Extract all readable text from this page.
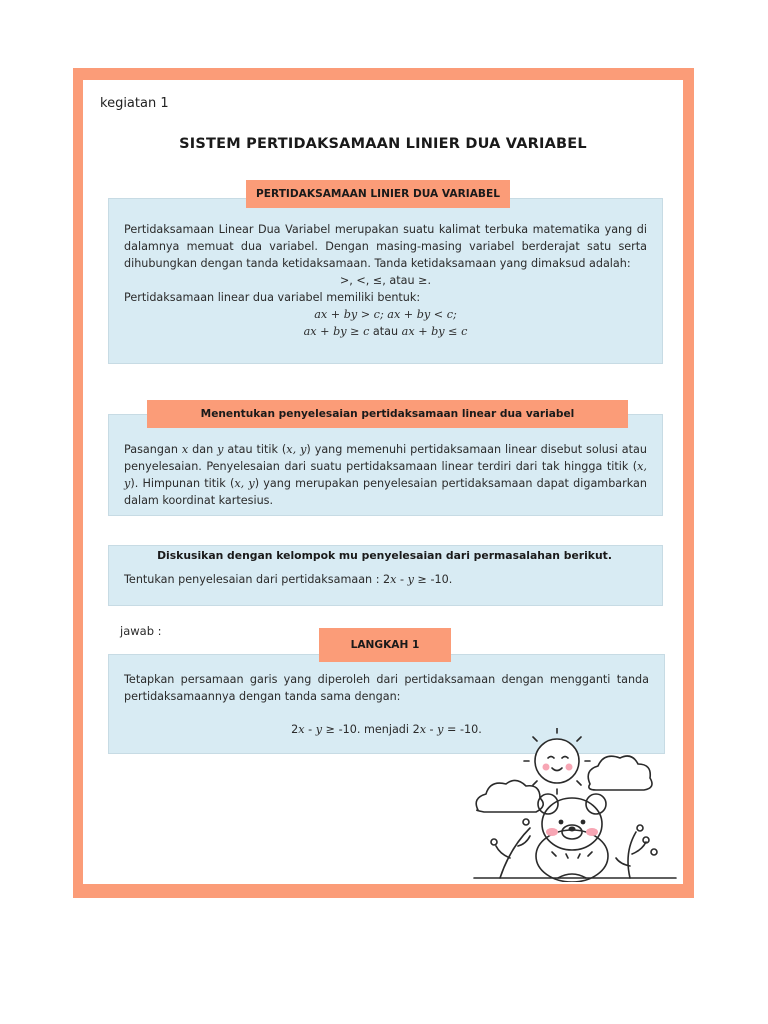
kegiatan 1
SISTEM PERTIDAKSAMAAN LINIER DUA VARIABEL
Pertidaksamaan Linear Dua Variabel merupakan suatu kalimat terbuka matematika yang di dalamnya memuat dua variabel. Dengan masing-masing variabel berderajat satu serta dihubungkan dengan tanda ketidaksamaan. Tanda ketidaksamaan yang dimaksud adalah:
>, <, ≤, atau ≥.
Pertidaksamaan linear dua variabel memiliki bentuk:
ax + by > c; ax + by < c;
ax + by ≥ c atau ax + by ≤ c
PERTIDAKSAMAAN LINIER DUA VARIABEL
Pasangan x dan y atau titik (x, y) yang memenuhi pertidaksamaan linear disebut solusi atau penyelesaian. Penyelesaian dari suatu pertidaksamaan linear terdiri dari tak hingga titik (x, y). Himpunan titik (x, y) yang merupakan penyelesaian pertidaksamaan dapat digambarkan dalam koordinat kartesius.
Menentukan penyelesaian pertidaksamaan linear dua variabel
Tentukan penyelesaian dari pertidaksamaan : 2x - y ≥ -10.
Diskusikan dengan kelompok mu penyelesaian dari permasalahan berikut.
jawab :
Tetapkan persamaan garis yang diperoleh dari pertidaksamaan dengan mengganti tanda pertidaksamaannya dengan tanda sama dengan:
2x - y ≥ -10. menjadi 2x - y = -10.
LANGKAH 1
